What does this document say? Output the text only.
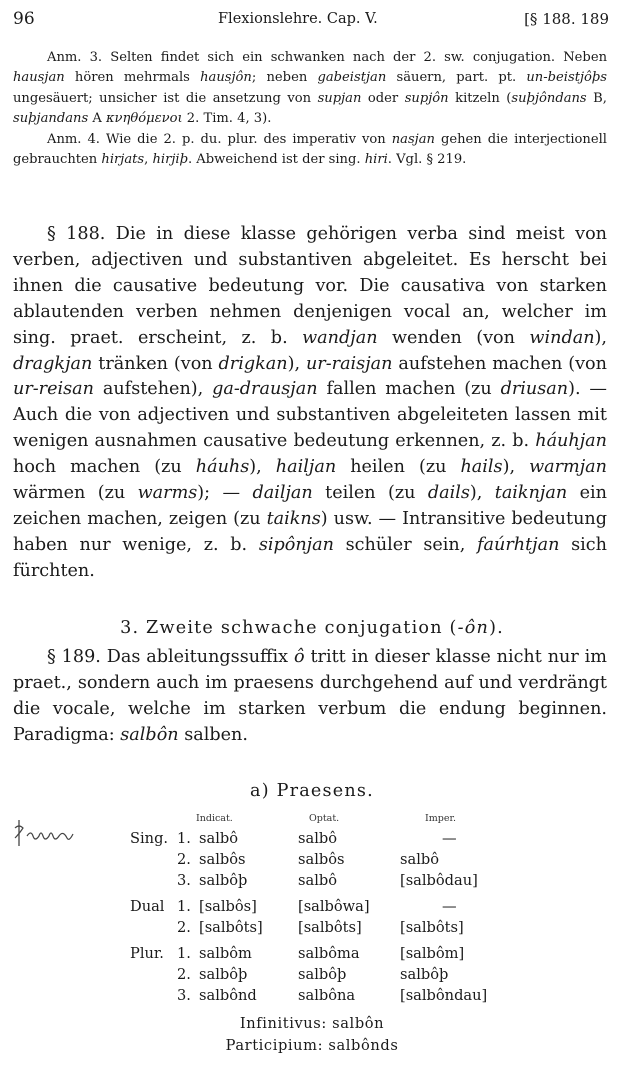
96	Flexionslehre. Cap. V.	[§ 188. 189

Anm. 3. Selten findet sich ein schwanken nach der 2. sw. conjugation. Neben hausjan hören mehrmals hausjôn; neben gabeistjan säuern, part. pt. un-beistjôþs ungesäuert; unsicher ist die ansetzung von supjan oder supjôn kitzeln (suþjôndans B, suþjandans A κνηθόμενοι 2. Tim. 4, 3).

Anm. 4. Wie die 2. p. du. plur. des imperativ von nasjan gehen die interjectionell gebrauchten hirjats, hirjiþ. Abweichend ist der sing. hiri. Vgl. § 219.

§ 188. Die in diese klasse gehörigen verba sind meist von verben, adjectiven und substantiven abgeleitet. Es herscht bei ihnen die causative bedeutung vor. Die causativa von starken ablautenden verben nehmen denjenigen vocal an, welcher im sing. praet. erscheint, z. b. wandjan wenden (von windan), dragkjan tränken (von drigkan), ur-raisjan aufstehen machen (von ur-reisan aufstehen), ga-drausjan fallen machen (zu driusan). — Auch die von adjectiven und substantiven abgeleiteten lassen mit wenigen ausnahmen causative bedeutung erkennen, z. b. háuhjan hoch machen (zu háuhs), hailjan heilen (zu hails), warmjan wärmen (zu warms); — dailjan teilen (zu dails), taiknjan ein zeichen machen, zeigen (zu taikns) usw. — Intransitive bedeutung haben nur wenige, z. b. sipônjan schüler sein, faúrhtjan sich fürchten.

3. Zweite schwache conjugation (-ôn).

§ 189. Das ableitungssuffix ô tritt in dieser klasse nicht nur im praet., sondern auch im praesens durchgehend auf und verdrängt die vocale, welche im starken verbum die endung beginnen. Paradigma: salbôn salben.

a) Praesens.
Indicat.	Optat.	Imper.
Sing. 1. salbô	salbô	—
2. salbôs	salbôs	salbô
3. salbôþ	salbô	[salbôdau]
Dual 1. [salbôs]	[salbôwa]	—
2. [salbôts] [salbôts]	[salbôts]
Plur. 1. salbôm	salbôma	[salbôm]
2. salbôþ	salbôþ	salbôþ
3. salbônd	salbôna	[salbôndau]
Infinitivus: salbôn
Participium: salbônds
